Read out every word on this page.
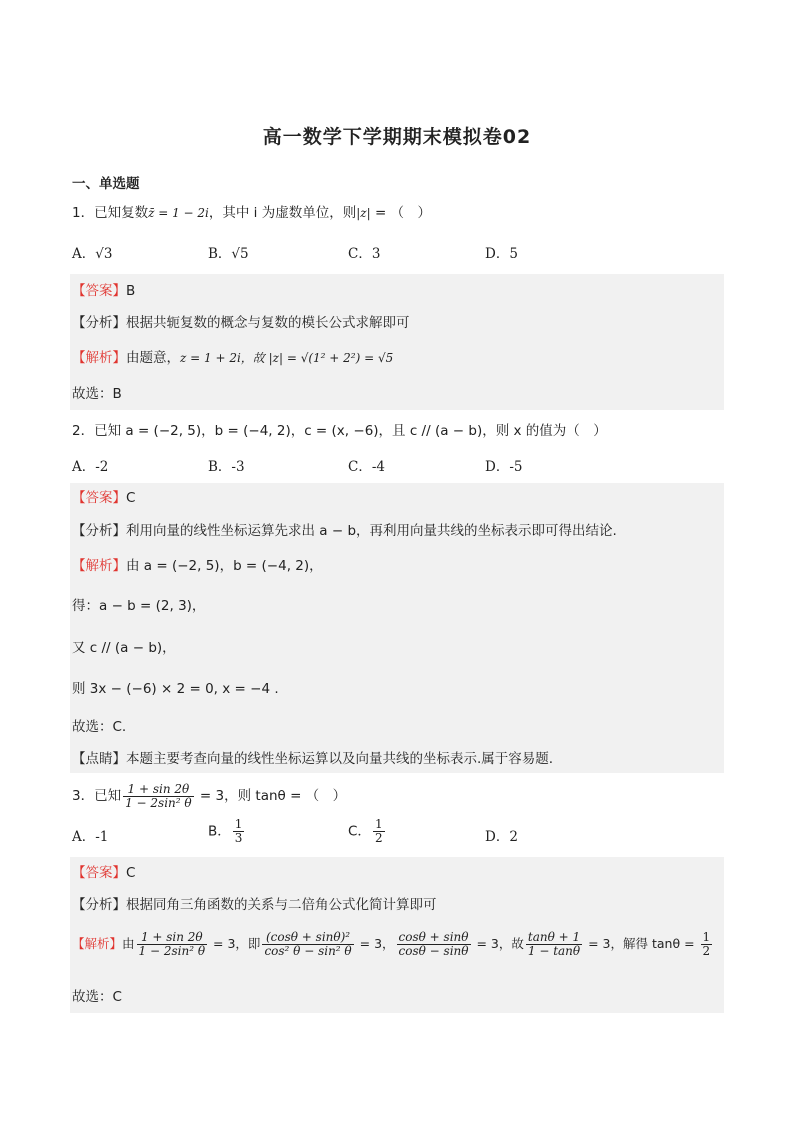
高一数学下学期期末模拟卷02
一、单选题
1．已知复数z̄ = 1 − 2i，其中 i 为虚数单位，则|z| = （　）
A．√3	B．√5	C．3	D．5
【答案】B
【分析】根据共轭复数的概念与复数的模长公式求解即可
【解析】由题意，z = 1 + 2i，故 |z| = √(1² + 2²) = √5
故选：B
2．已知 a = (−2, 5)，b = (−4, 2)，c = (x, −6)，且 c // (a − b)，则 x 的值为（　）
A．-2	B．-3	C．-4	D．-5
【答案】C
【分析】利用向量的线性坐标运算先求出 a − b，再利用向量共线的坐标表示即可得出结论.
【解析】由 a = (−2, 5)，b = (−4, 2)，
得：a − b = (2, 3)，
又 c // (a − b)，
则 3x − (−6) × 2 = 0, x = −4 .
故选：C.
【点睛】本题主要考查向量的线性坐标运算以及向量共线的坐标表示.属于容易题.
3．已知 $\frac{1 + \sin 2\theta}{\text{1 − 2sin² θ}} = 3$，则 tanθ = （　）
A．-1	B． $\frac{1}{3}$	C． $\frac{1}{2}$	D．2
【答案】C
【分析】根据同角三角函数的关系与二倍角公式化简计算即可
【解析】由 $\frac{1 + \sin 2\theta}{\text{1 − 2sin² θ}} = 3$，即 $\frac{\text{(cosθ + sinθ)²}}{\text{cos² θ − sin² θ}} = 3$， $\frac{\cos\theta + \sin\theta}{\cos\theta - \sin\theta} = 3$，故 $\frac{\tan\theta + 1}{1 - \tan\theta} = 3$，解得 $\tan\theta = \frac{1}{2}$
故选：C
